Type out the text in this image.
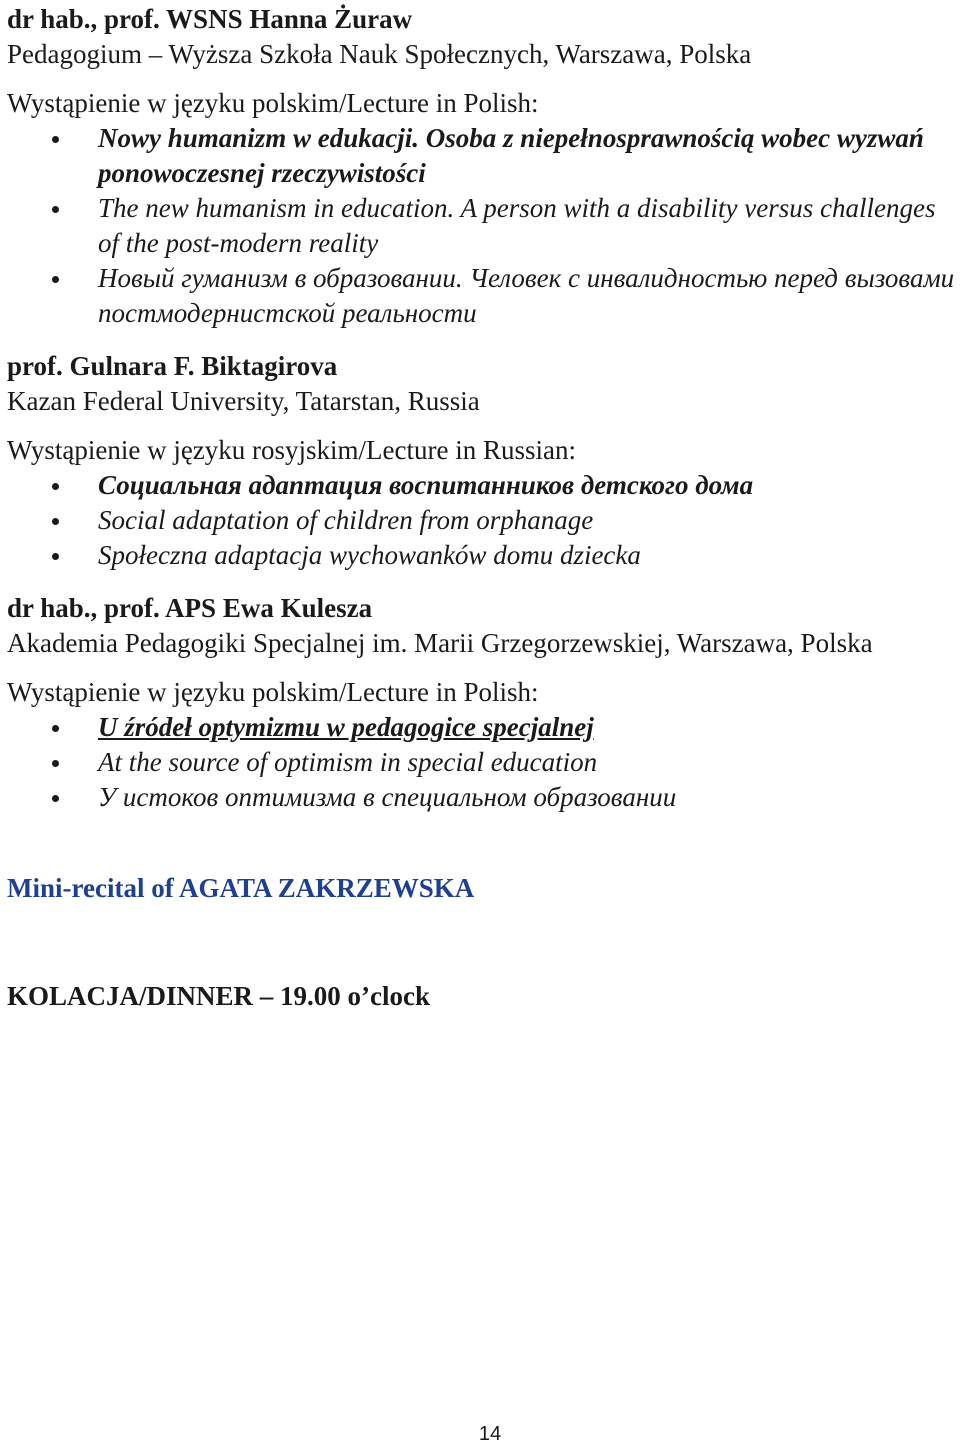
dr hab., prof. WSNS Hanna Żuraw

Pedagogium – Wyższa Szkoła Nauk Społecznych, Warszawa, Polska

Wystąpienie w języku polskim/Lecture in Polish:

Nowy humanizm w edukacji. Osoba z niepełnosprawnością wobec wyzwań ponowoczesnej rzeczywistości
The new humanism in education. A person with a disability versus challenges of the post-modern reality
Новый гуманизм в образовании. Человек с инвалидностью перед вызовами постмодернистской реальности

prof. Gulnara F. Biktagirova

Kazan Federal University, Tatarstan, Russia

Wystąpienie w języku rosyjskim/Lecture in Russian:

Социальная адаптация воспитанников детского дома
Social adaptation of children from orphanage
Społeczna adaptacja wychowanków domu dziecka

dr hab., prof. APS Ewa Kulesza

Akademia Pedagogiki Specjalnej im. Marii Grzegorzewskiej, Warszawa, Polska

Wystąpienie w języku polskim/Lecture in Polish:

U źródeł optymizmu w pedagogice specjalnej
At the source of optimism in special education
У истоков оптимизма в специальном образовании

Mini-recital of AGATA ZAKRZEWSKA

KOLACJA/DINNER – 19.00 o’clock

14
